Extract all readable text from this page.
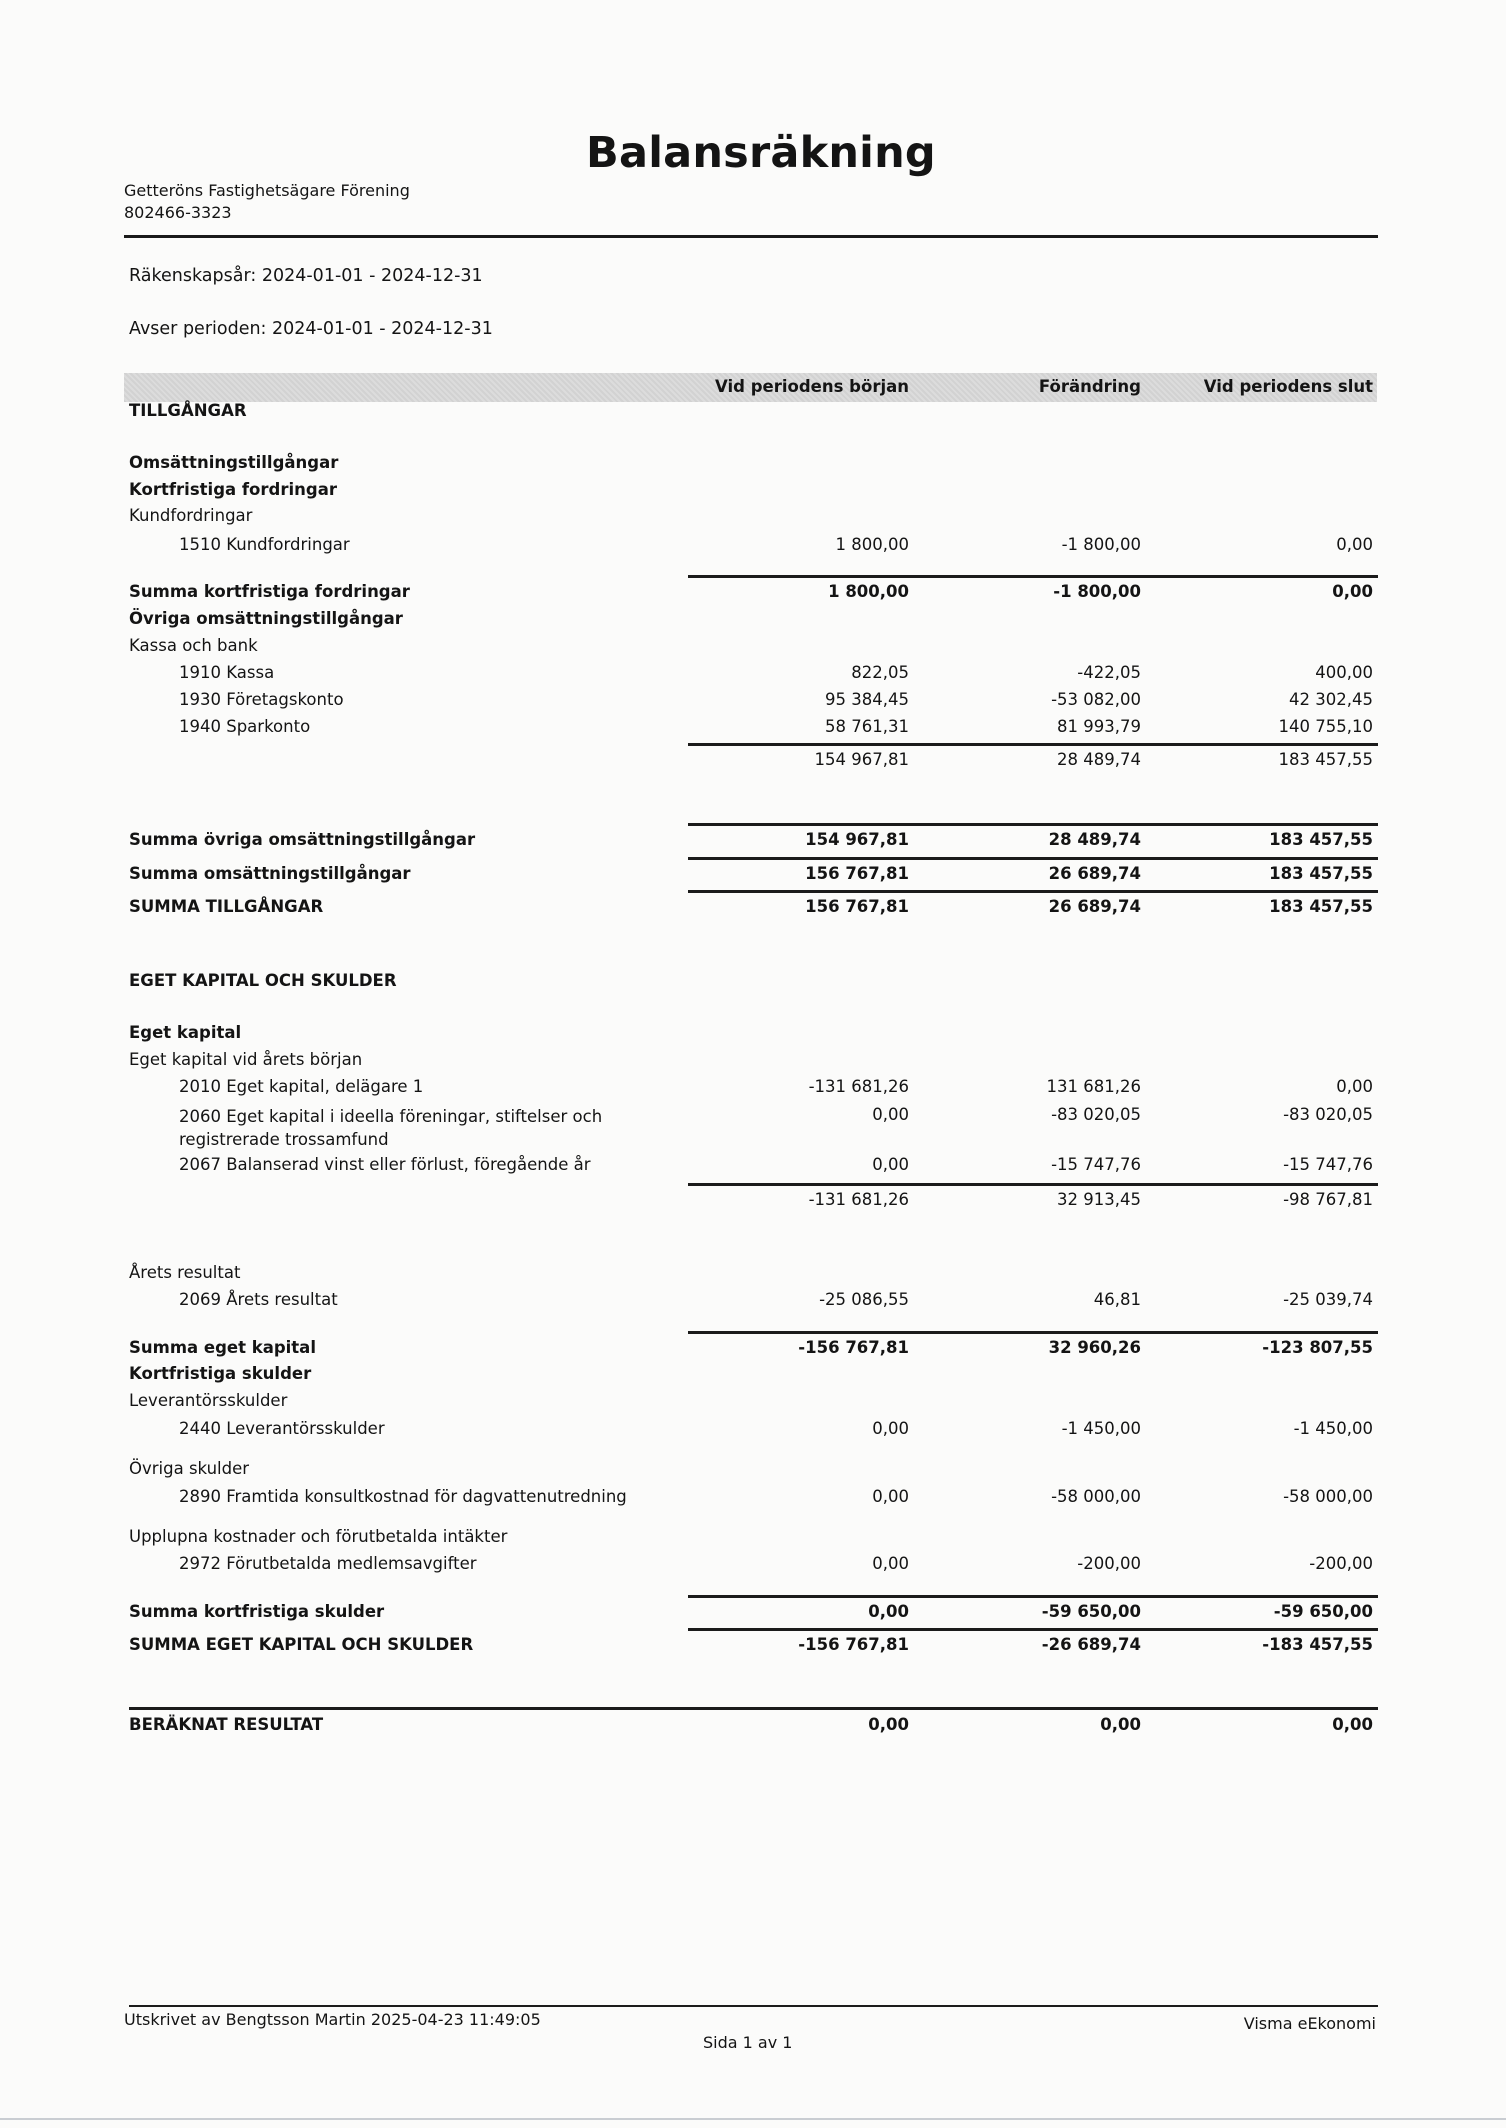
Balansräkning
Getteröns Fastighetsägare Förening
802466-3323
Räkenskapsår: 2024-01-01 - 2024-12-31
Avser perioden: 2024-01-01 - 2024-12-31
Vid periodens början	Förändring	Vid periodens slut
TILLGÅNGAR
Omsättningstillgångar
Kortfristiga fordringar
Kundfordringar
1510 Kundfordringar	1 800,00	-1 800,00	0,00
Summa kortfristiga fordringar	1 800,00	-1 800,00	0,00
Övriga omsättningstillgångar
Kassa och bank
1910 Kassa	822,05	-422,05	400,00
1930 Företagskonto	95 384,45	-53 082,00	42 302,45
1940 Sparkonto	58 761,31	81 993,79	140 755,10
154 967,81	28 489,74	183 457,55
Summa övriga omsättningstillgångar	154 967,81	28 489,74	183 457,55
Summa omsättningstillgångar	156 767,81	26 689,74	183 457,55
SUMMA TILLGÅNGAR	156 767,81	26 689,74	183 457,55
EGET KAPITAL OCH SKULDER
Eget kapital
Eget kapital vid årets början
2010 Eget kapital, delägare 1	-131 681,26	131 681,26	0,00
2060 Eget kapital i ideella föreningar, stiftelser och
registrerade trossamfund
0,00	-83 020,05	-83 020,05
2067 Balanserad vinst eller förlust, föregående år	0,00	-15 747,76	-15 747,76
-131 681,26	32 913,45	-98 767,81
Årets resultat
2069 Årets resultat	-25 086,55	46,81	-25 039,74
Summa eget kapital	-156 767,81	32 960,26	-123 807,55
Kortfristiga skulder
Leverantörsskulder
2440 Leverantörsskulder	0,00	-1 450,00	-1 450,00
Övriga skulder
2890 Framtida konsultkostnad för dagvattenutredning	0,00	-58 000,00	-58 000,00
Upplupna kostnader och förutbetalda intäkter
2972 Förutbetalda medlemsavgifter	0,00	-200,00	-200,00
Summa kortfristiga skulder	0,00	-59 650,00	-59 650,00
SUMMA EGET KAPITAL OCH SKULDER	-156 767,81	-26 689,74	-183 457,55
BERÄKNAT RESULTAT	0,00	0,00	0,00
Utskrivet av Bengtsson Martin 2025-04-23 11:49:05	Visma eEkonomi
Sida 1 av 1
